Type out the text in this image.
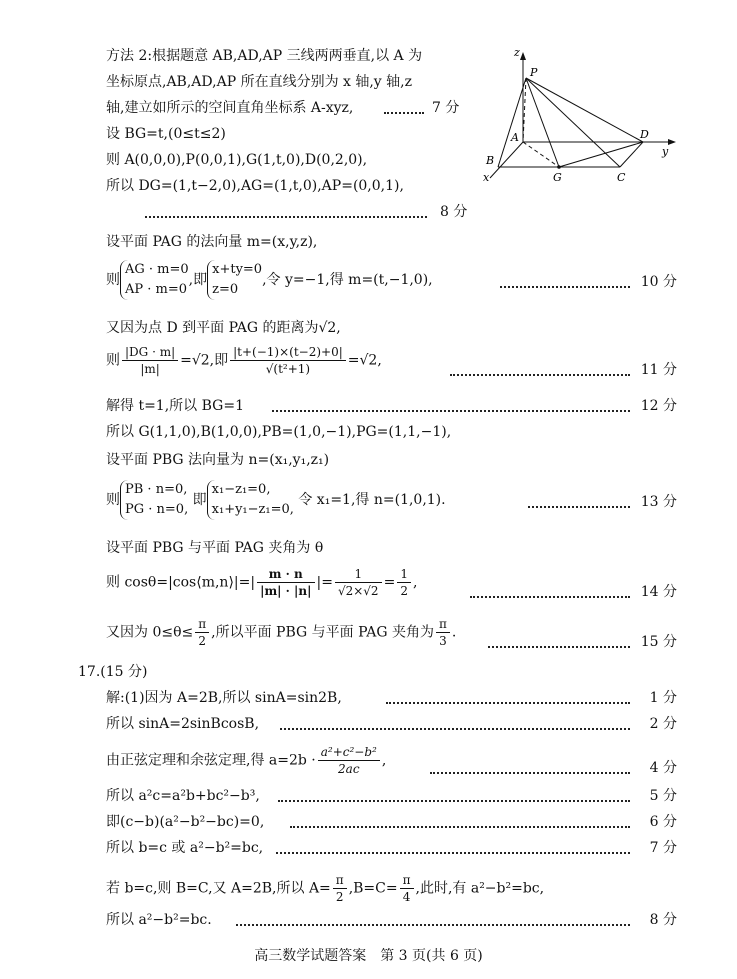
方法 2:根据题意 AB,AD,AP 三线两两垂直,以 A 为
坐标原点,AB,AD,AP 所在直线分别为 x 轴,y 轴,z
轴,建立如所示的空间直角坐标系 A-xyz,	7 分
设 BG=t,(0≤t≤2)
则 A(0,0,0),P(0,0,1),G(1,t,0),D(0,2,0),
所以 DG=(1,t−2,0),AG=(1,t,0),AP=(0,0,1),
8 分
z
P
A	D
y
B
G	C
x
设平面 PAG 的法向量 m=(x,y,z),
则
AG · m=0
AP · m=0
,即
x+ty=0
z=0
,令 y=−1,得 m=(t,−1,0),	10 分
又因为点 D 到平面 PAG 的距离为√2,
则 $\frac{|DG \cdot m|}{|m|} =√2$,即 $\frac{|t+(-1)\times(t-2)+0|}{\text{√(t²+1)}} =√2$,
11 分
解得 t=1,所以 BG=1	12 分
所以 G(1,1,0),B(1,0,0),PB=(1,0,−1),PG=(1,1,−1),
设平面 PBG 法向量为 n=(x₁,y₁,z₁)
则
PB · n=0,
PG · n=0,
即
x₁−z₁=0,
x₁+y₁−z₁=0,
令 x₁=1,得 n=(1,0,1).	13 分
设平面 PBG 与平面 PAG 夹角为 θ
则 cosθ=|cos⟨m,n⟩|=| $\frac{m \cdot n}{|m| \cdot |n|}$ |= $\frac{1}{√2\times√2} = \frac{1}{2}$ ,
14 分
又因为 $0\le\theta\le \frac{\pi}{2}$ ,所以平面 PBG 与平面 PAG 夹角为 $\frac{\pi}{3}$ .
15 分
17.(15 分)
解:(1)因为 A=2B,所以 sinA=sin2B,	1 分
所以 sinA=2sinBcosB,	2 分
由正弦定理和余弦定理,得 $a=2b \cdot \frac{\text{a²+c²−b²}}{2ac}$ ,	4 分
所以 a²c=a²b+bc²−b³,	5 分
即(c−b)(a²−b²−bc)=0,	6 分
所以 b=c 或 a²−b²=bc,	7 分
若 b=c,则 B=C,又 A=2B,所以 $A= \frac{\pi}{2} ,B=C= \frac{\pi}{4}$ ,此时,有 a²−b²=bc,
所以 a²−b²=bc.	8 分
高三数学试题答案　第 3 页(共 6 页)
